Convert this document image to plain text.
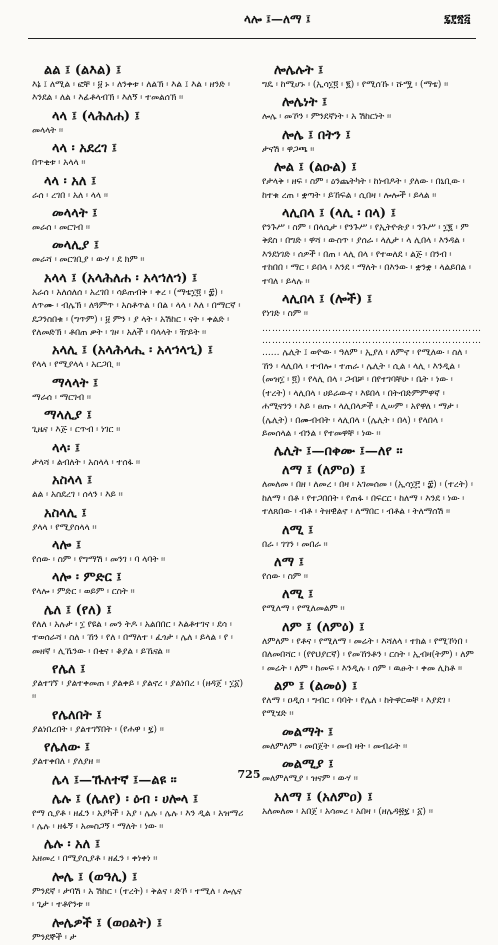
ላሎ ፤—ለማ ፤	፯፻፳፭
ልል ፤ (ልእል) ፤
እኔ ፤ ለሚል ፡ ፎቸ ፡ ፱ ኑ ፡ ለንቀቱ ፡ ለልኽ ፡ እል ፤ እል ፡ ዘንድ ፡ እንደል ፡ ለል ፡ እፊቶላብኽ ፡ እለኝ ፡ ተመልሰኽ ፡፡
ላላ ፤ (ላሕለሐ) ፤
መላላት ፡፡
ላላ ፡ አደረገ ፤
በጥቂቱ ፡ አላላ ፡፡
ላላ ፡ አለ ፤
ራሰ ፡ ረገበ ፡ አለ ፡ ላላ ፡፡
መላላት ፤
መራሰ ፡ መርገብ ፡፡
መላሊያ ፤
መራሻ ፡ መርገቢያ ፡ ውሃ ፡ ደ ክም ፡፡
አላላ ፤ (አላሕለሐ ፡ አላኀለኀ) ፤
አራሰ ፡ አለሰለሰ ፡ አረገበ ፡ ሳይጠብቅ ፡ ቀረ ፡ (ማቴ፲፬ ፡ ፰) ፡ ለጥሙ ፡ ብሌኽ ፡ ለጓምጥ ፡ አስቶጥል ፡ በል ፡ ላላ ፡ እለ ፡ በማርኛ ፡ ደጋንስበቁ ፡ (ግጥም) ፡ ፱ ምን ፡ ያ ላት ፡ አሽከር ፡ ናት ፡ ቀልድ ፡ የለመድኽ ፡ ቶበጠ ቃት ፡ ገዞ ፡ አለች ፡ ባላላት ፡ ዥይት ፡፡
አላሊ ፤ (አላሕላሒ ፡ አላኀላኂ) ፤
የላላ ፡ የሚያላላ ፡ አርጋቢ ፡፡
ማላላት ፤
ማራሰ ፡ ማርገብ ፡፡
ማላሊያ ፤
ጊዜና ፡ እጅ ፡ ርጥብ ፡ ነገር ፡፡
ላላ፡ ፤
ታላሻ ፡ ልብለት ፡ አስላላ ፡ ተሰፋ ፡፡
አስላላ ፤
ልል ፡ አስደረገ ፡ ሰላን ፡ እይ ፡፡
አስላሊ ፤
ያላላ ፡ የሚያስላላ ፡፡
ላሎ ፤
የሰው ፡ ስም ፡ የግማሽ ፡ መንገ ፡ ባ ላባት ፡፡
ላሎ ፡ ምድር ፤
የላሎ ፡ ምድር ፡ ወይም ፡ ርስት ፡፡
ሌለ ፤ (የለ) ፤
የለለ ፡ አሉታ ፡ ፲ የዩል ፡ መን ትዶ ፡ አልበበር ፡ እልቶተገና ፡ ደሳ ፡ ተወሰራሻ ፡ ስለ ፡ ኸን ፡ የለ ፡ በማለተ ፡ ፈጎታ ፡ ሌለ ፡ ይላል ፡ የ ፡ መዘኛ ፡ ሊኼንው ፡ በቂና ፡ ቆያል ፡ ይኼናል ፡፡
የሌለ ፤
ያልተገኘ ፡ ያልተቀመጠ ፡ ያልቀይ ፡ ያልኖረ ፡ ያልነበረ ፡ (ዘዳጀ ፡ ፲፩) ፡፡
የሌለበት ፤
ያልነበረበት ፡ ያልተገኘበት ፡ (የሐዋ ፡ ፯) ፡፡
የሌለው ፤
ያልተቀበለ ፡ ያለያዘ ፡፡
ሌላ ፤—ኹለተኛ ፤—ልዩ ፡፡
ሌሉ ፤ (ሌለየ) ፡ ዕብ ፡ ሀሎላ ፤
የማ ሲያቶ ፡ ዘፈን ፡ አያካች ፡ አያ ፡ ሌሉ ፡ ሌሉ ፡ እን ዲል ፡ አዝማሪ ፡ ሌሉ ፡ ዘፋኝ ፡ አመስጋኝ ፡ ማለት ፡ ነው ፡፡
ሌሉ ፡ አለ ፤
አዘመረ ፡ በሚያሲያቶ ፡ ዘፈን ፡ ቀነቀነ ፡፡
ሎሌ ፤ (ወዓሊ) ፤
ምንደኛ ፡ ታባሽ ፡ አ ሽከር ፡ (ተረት) ፡ ቅልና ፡ ድኾ ፡ ተሚለ ፡ ሎሌና ፡ ጊታ ፡ ተቶየንቱ ፡፡
ሎሌዎች ፤ (ወዐልት) ፤
ምንደኞች ፡ ታ
ሎሌሉት ፤
ግዴ ፡ ከሚሆኑ ፡ (ኢሳ፲፬ ፡ ፪) ፡ የሚሰኹ ፡ ሹሟ ፡ (ማቴ) ፡፡
ሎሌነት ፤
ሎሌ ፡ መኾን ፡ ምንደኛነት ፡ አ ሽከርነት ፡፡
ሎሌ ፤ በትን ፤
ታናሽ ፡ ዋጋጫ ፡፡
ሎል ፤ (ልዑል) ፤
የታላቅ ፡ ዘፍ ፡ ስም ፡ ዕንጨትካት ፡ ከነብዶት ፡ ያለው ፡ በኒቢው ፡ ከተቁ ረጠ ፡ ቋጣት ፡ ይኸፍል ፡ ሲበዛ ፡ ሎሎች ፡ ይላል ፡፡
ላሊበላ ፤ (ላሊ ፡ በላ) ፤
የንጉሥ ፡ ስም ፡ በላሲታ ፡ የንጉሥ ፡ የኢትዮጵያ ፡ ንጉሥ ፡ ፲፪ ፡ ም ቅደስ ፡ በግድ ፡ ዋሻ ፡ ውስጥ ፡ ያሰራ ፡ ላሊታ ፡ ላ ሊበላ ፡ እንዳል ፡ እንደነገድ ፡ ሰዎች ፡ በጠ ፡ ላሊ በላ ፡ የተወለደ ፡ ልጅ ፡ በንብ ፡ ተከበበ ፡ ማር ፡ ይበላ ፡ እንደ ፡ ማለት ፡ በእንው ፡ ቋንቋ ፡ ላልይበል ፡ ተባለ ፡ ይላሉ ፡፡
ላሊበላ ፤ (ሎች) ፤
የነገድ ፡ ስም ፡፡
…………………………………………………………
…………………………………………………………
…… ሌሊት ፤ ወዮው ፡ ዓለም ፡ ኢያለ ፡ ለምኖ ፡ የሚለው ፡ ስለ ፡ ኸን ፡ ላሊበላ ፡ ተብሎ ፡ ተጠራ ፡ ሌሊት ፡ ሲል ፡ ላሊ ፡ እንዲል ፡ (መዝ፲ ፡ ፬) ፡ የላሊ በላ ፡ ጋብቻ ፡ በየተገባቸሁ ፡ ቤት ፡ ነው ፡ (ተረት) ፡ ላሊበላ ፡ ሀይራውና ፡ እዩበላ ፡ በትብድምምዋኛ ፡ ሐሚናንን ፡ እይ ፡ ፀጡ ፡ ላሊበላዎች ፡ ሊሠም ፡ አየዋለ ፡ ማታ ፡ (ሌሊት) ፡ በሙብብት ፡ ላሊበላ ፡ (ሌሊት ፡ በላ) ፡ የላበላ ፡ ይመሰላል ፡ ብንል ፡ የተመዋቸ ፡ ነው ፡፡
ሌሊት ፤—በቀሙ ፤—ለየ ፡፡
ለማ ፤ (ለምዐ) ፤
ለመለመ ፡ በዘ ፡ ለመረ ፡ በዛ ፡ አገመሰመ ፡ (ኢሳ፲፫ ፡ ፰) ፡ (ተረት) ፡ ከለማ ፡ በቶ ፡ የተጋበበት ፡ የጠፋ ፡ በፍርር ፡ ከለማ ፡ እንደ ፡ ነው ፡ ተለጸበው ፡ ብቶ ፡ ትዘዊልኖ ፡ ለማበር ፡ ብቶል ፡ ትለማሰሽ ፡፡
ለሚ ፤
በራ ፡ ገገን ፡ መበራ ፡፡
ለማ ፤
የሰው ፡ ስም ፡፡
ለሚ ፤
የሚለማ ፡ የሚለመልም ፡፡
ለም ፤ (ለምዕ) ፤
ለምለም ፡ የቶና ፡ የሚለማ ፡ መሬት ፡ እሻለላ ፡ ተክል ፡ የሚኾነበ ፡ በለመበሻር ፡ (የየህያርኛ) ፡ የመኸንቶን ፡ ርስት ፡ ኢብዛ(ትም) ፡ ለም ፡ መሬት ፡ ለም ፡ ከመፍ ፡ እንዲሉ ፡ ሰም ፡ ዉፁት ፡ ቀመ ሊከቶ ፡፡
ልም ፤ (ልመዕ) ፤
የለማ ፡ ዐዲስ ፡ ግብር ፡ ባባት ፡ የሌለ ፡ ከትዋርወቸ ፡ እያደገ ፡ የሚሄድ ፡፡
መልማት ፤
መለምለም ፡ መበጀት ፡ መብ ዛት ፡ መብራት ፡፡
መልሚያ ፤
መለምለሚያ ፡ ዝናም ፡ ውሃ ፡፡
አለማ ፤ (አለምዐ) ፤
አለመለመ ፡ አበጀ ፡ አሳመረ ፡ አበዛ ፡ (ዘሌዳ፳፯ ፡ ፩) ፡፡
725
